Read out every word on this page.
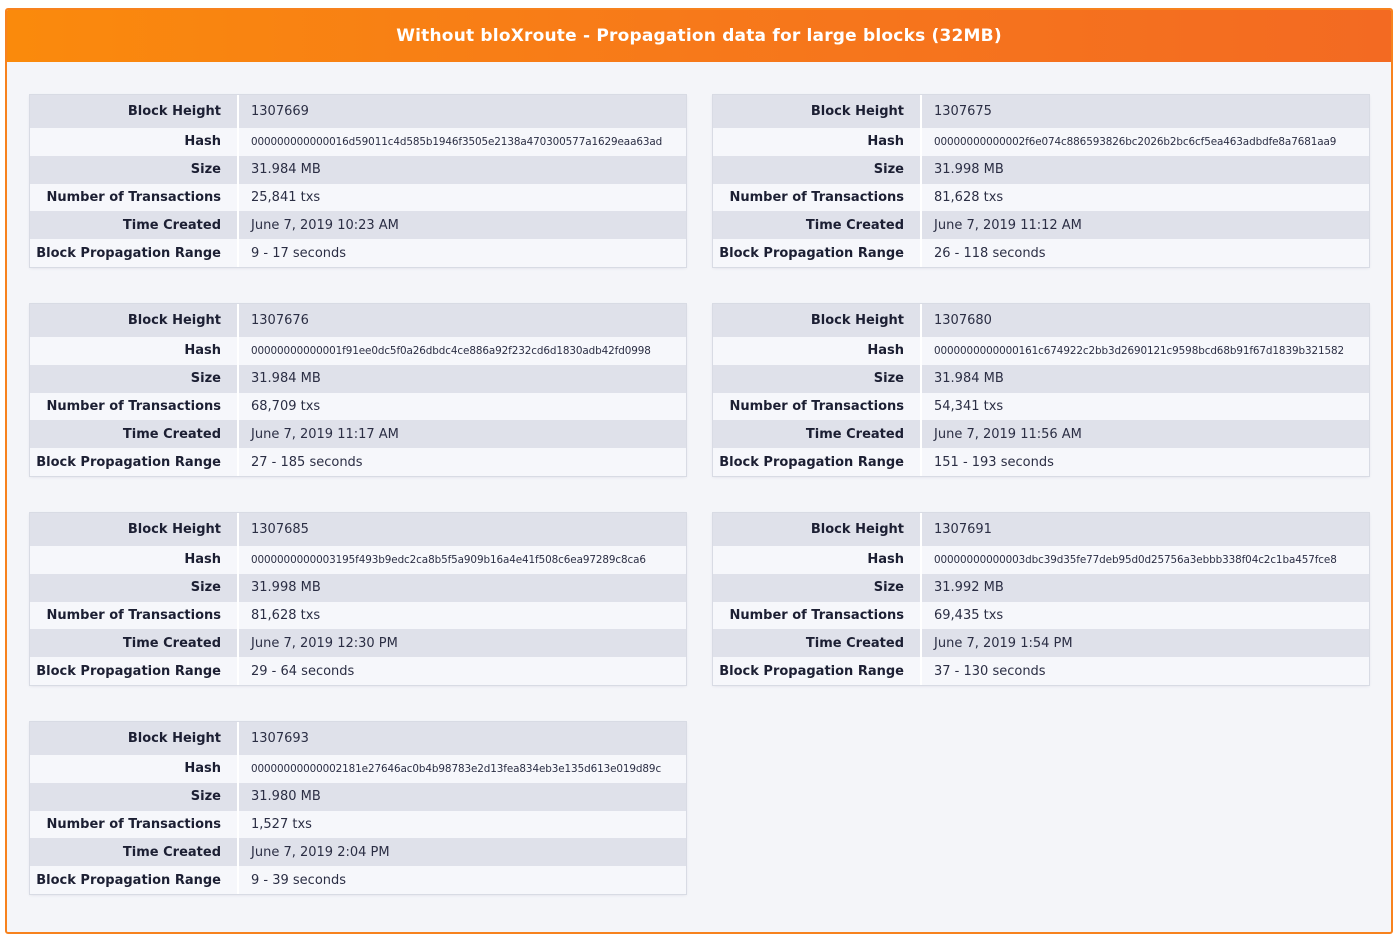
Without bloXroute - Propagation data for large blocks (32MB)
Block Height	1307669
Hash	000000000000016d59011c4d585b1946f3505e2138a470300577a1629eaa63ad
Size	31.984 MB
Number of Transactions	25,841 txs
Time Created	June 7, 2019 10:23 AM
Block Propagation Range	9 - 17 seconds
Block Height	1307675
Hash	00000000000002f6e074c886593826bc2026b2bc6cf5ea463adbdfe8a7681aa9
Size	31.998 MB
Number of Transactions	81,628 txs
Time Created	June 7, 2019 11:12 AM
Block Propagation Range	26 - 118 seconds
Block Height	1307676
Hash	00000000000001f91ee0dc5f0a26dbdc4ce886a92f232cd6d1830adb42fd0998
Size	31.984 MB
Number of Transactions	68,709 txs
Time Created	June 7, 2019 11:17 AM
Block Propagation Range	27 - 185 seconds
Block Height	1307680
Hash	0000000000000161c674922c2bb3d2690121c9598bcd68b91f67d1839b321582
Size	31.984 MB
Number of Transactions	54,341 txs
Time Created	June 7, 2019 11:56 AM
Block Propagation Range	151 - 193 seconds
Block Height	1307685
Hash	0000000000003195f493b9edc2ca8b5f5a909b16a4e41f508c6ea97289c8ca6
Size	31.998 MB
Number of Transactions	81,628 txs
Time Created	June 7, 2019 12:30 PM
Block Propagation Range	29 - 64 seconds
Block Height	1307691
Hash	00000000000003dbc39d35fe77deb95d0d25756a3ebbb338f04c2c1ba457fce8
Size	31.992 MB
Number of Transactions	69,435 txs
Time Created	June 7, 2019 1:54 PM
Block Propagation Range	37 - 130 seconds
Block Height	1307693
Hash	00000000000002181e27646ac0b4b98783e2d13fea834eb3e135d613e019d89c
Size	31.980 MB
Number of Transactions	1,527 txs
Time Created	June 7, 2019 2:04 PM
Block Propagation Range	9 - 39 seconds
